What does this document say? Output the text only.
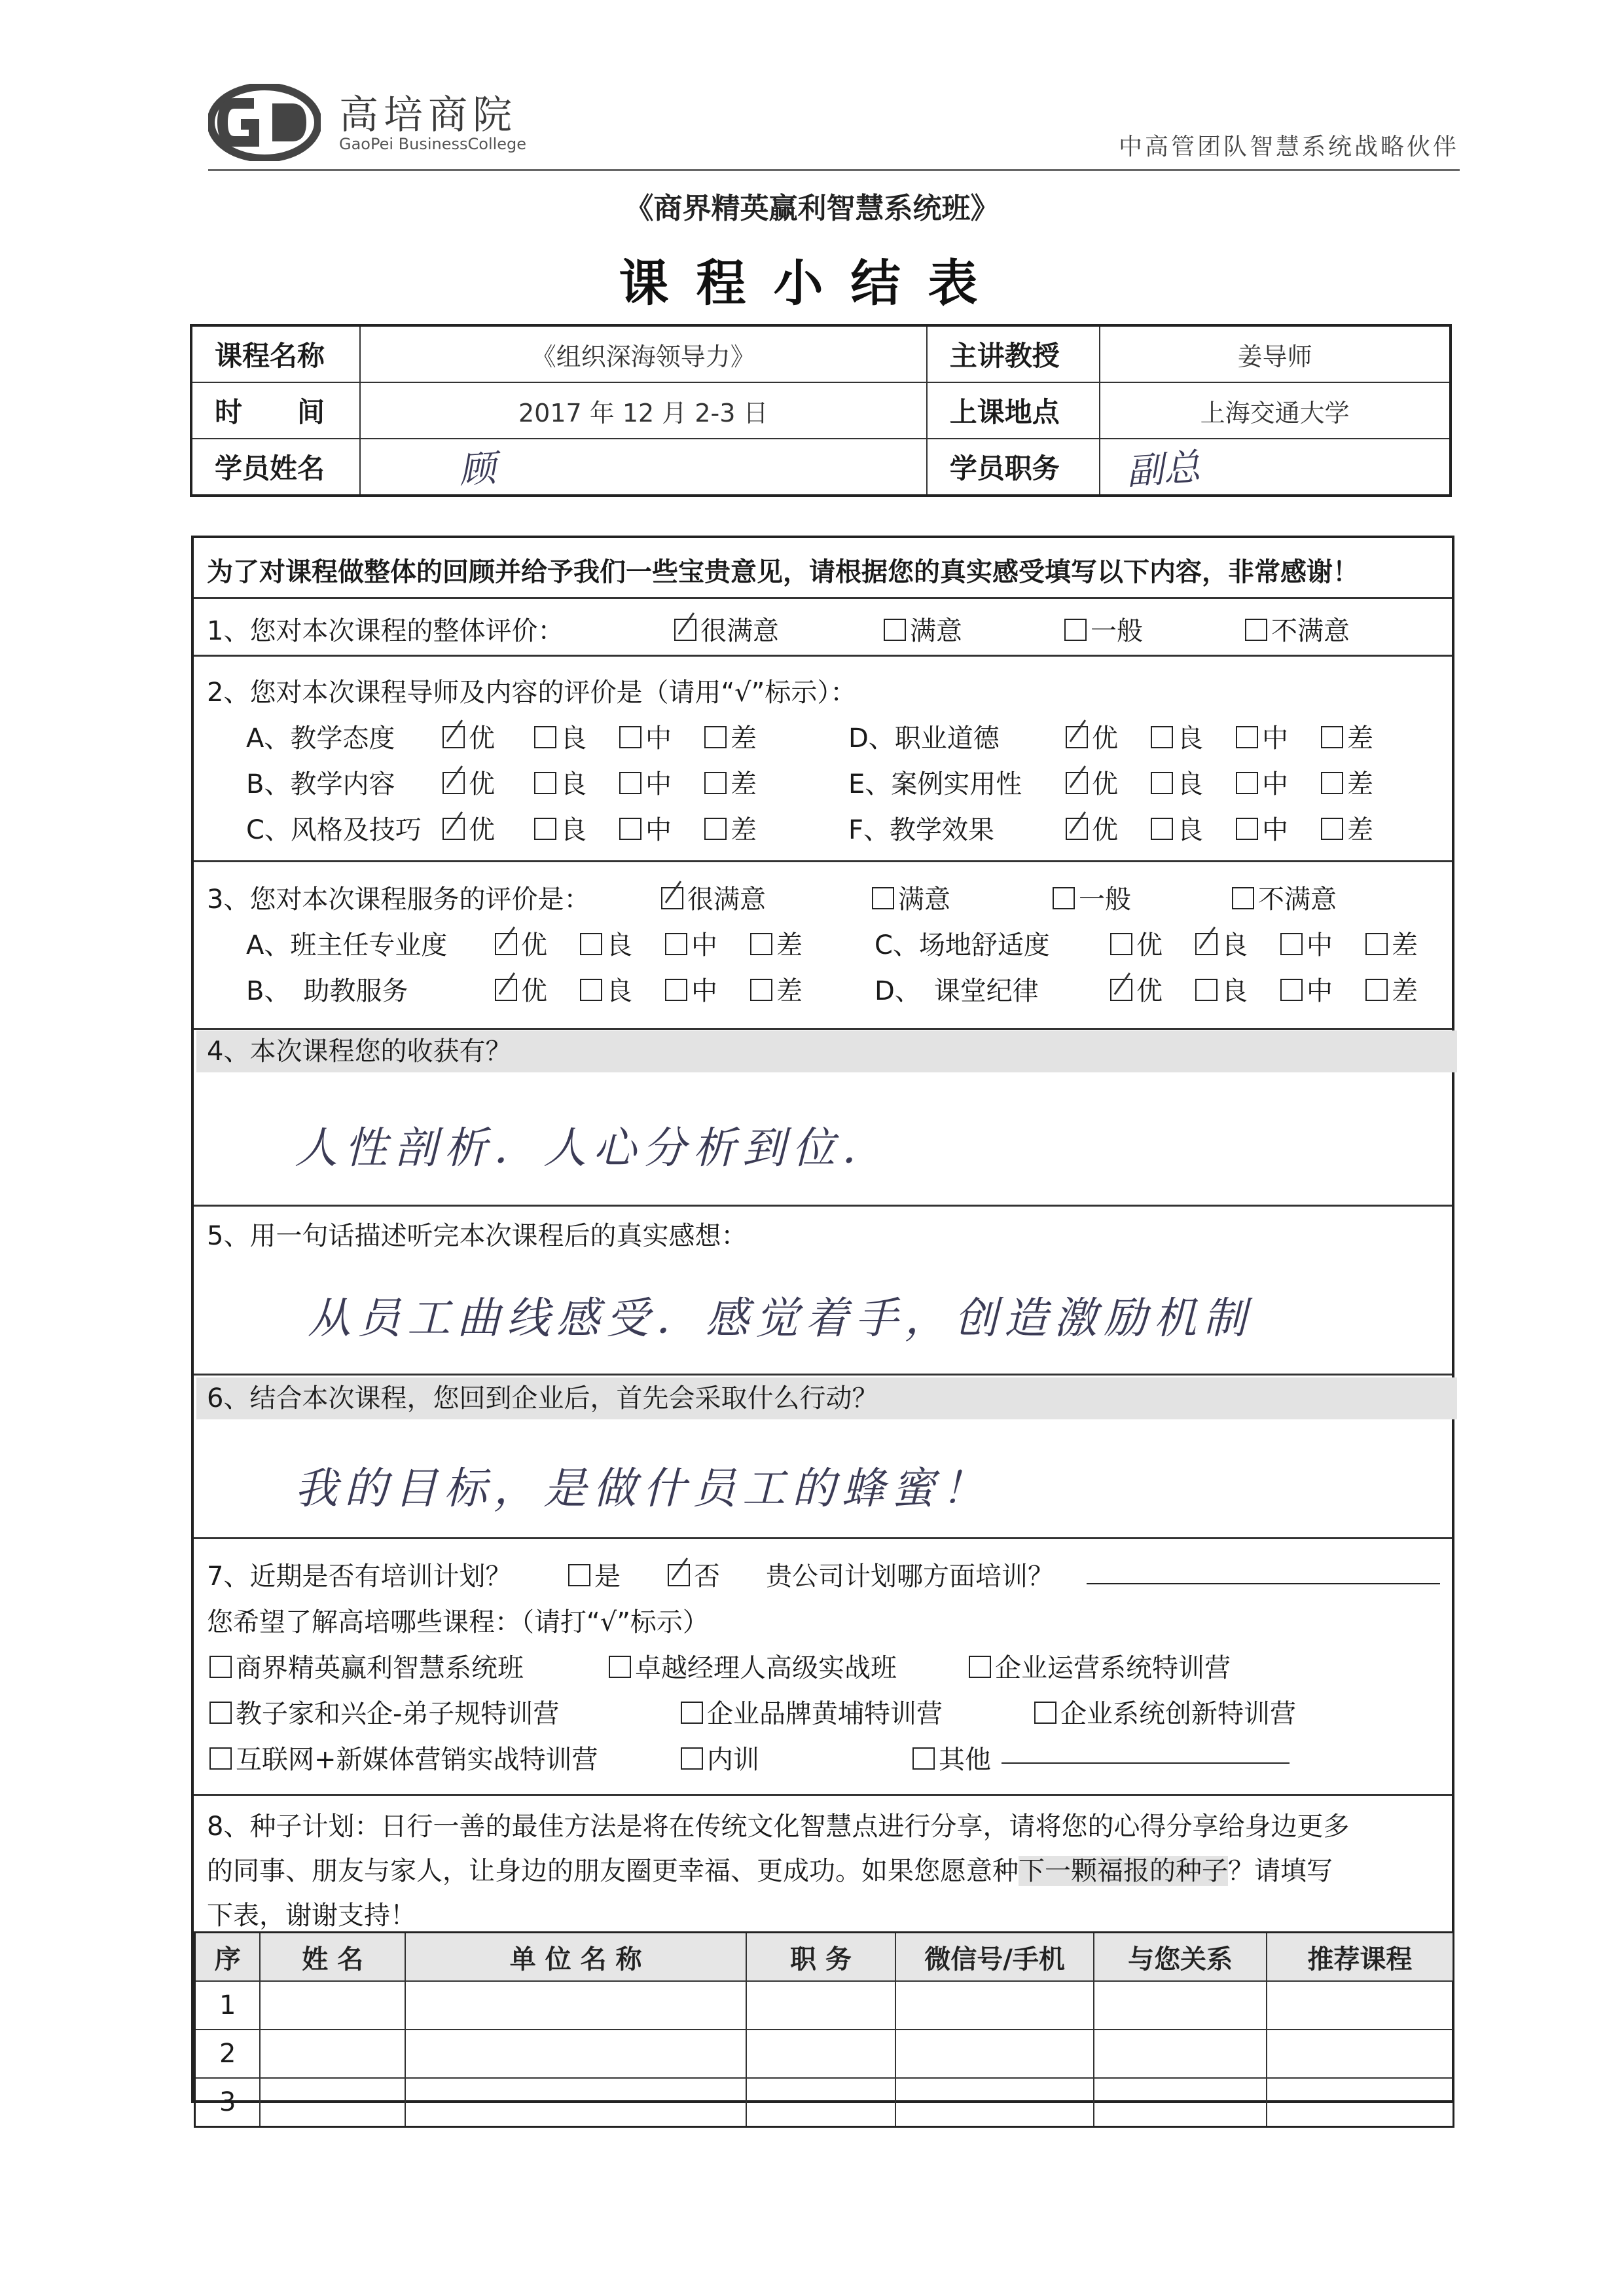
高培商院
GaoPei BusinessCollege	中高管团队智慧系统战略伙伴
《商界精英赢利智慧系统班》
课程小结表
课程名称	《组织深海领导力》	主讲教授	姜导师
时　　间	2017 年 12 月 2-3 日	上课地点	上海交通大学
学员姓名	顾	学员职务	副总
为了对课程做整体的回顾并给予我们一些宝贵意见，请根据您的真实感受填写以下内容，非常感谢！
1、您对本次课程的整体评价：	很满意	满意	一般	不满意
2、您对本次课程导师及内容的评价是（请用“√”标示）：
3、您对本次课程服务的评价是：	很满意	满意	一般	不满意
4、本次课程您的收获有？
人性剖析．人心分析到位．
5、用一句话描述听完本次课程后的真实感想：
从员工曲线感受．感觉着手，创造激励机制
6、结合本次课程，您回到企业后，首先会采取什么行动？
我的目标，是做什员工的蜂蜜！
7、近期是否有培训计划？	是	否 贵公司计划哪方面培训？
您希望了解高培哪些课程：（请打“√”标示）
8、种子计划：日行一善的最佳方法是将在传统文化智慧点进行分享，请将您的心得分享给身边更多
的同事、朋友与家人，让身边的朋友圈更幸福、更成功。如果您愿意种下一颗福报的种子？请填写
下表，谢谢支持！
序	姓 名	单 位 名 称	职 务	微信号/手机	与您关系	推荐课程
1						
2						
3						
A、教学态度	优	良	中	差
B、教学内容	优	良	中	差
C、风格及技巧	优	良	中	差
D、职业道德	优	良	中	差
E、案例实用性	优	良	中	差
F、教学效果	优	良	中	差
A、班主任专业度	优	良	中	差
B、　助教服务	优	良	中	差
C、场地舒适度	优	良	中	差
D、　课堂纪律	优	良	中	差
商界精英赢利智慧系统班	卓越经理人高级实战班	企业运营系统特训营
教子家和兴企-弟子规特训营	企业品牌黄埔特训营	企业系统创新特训营
互联网+新媒体营销实战特训营	内训	其他
